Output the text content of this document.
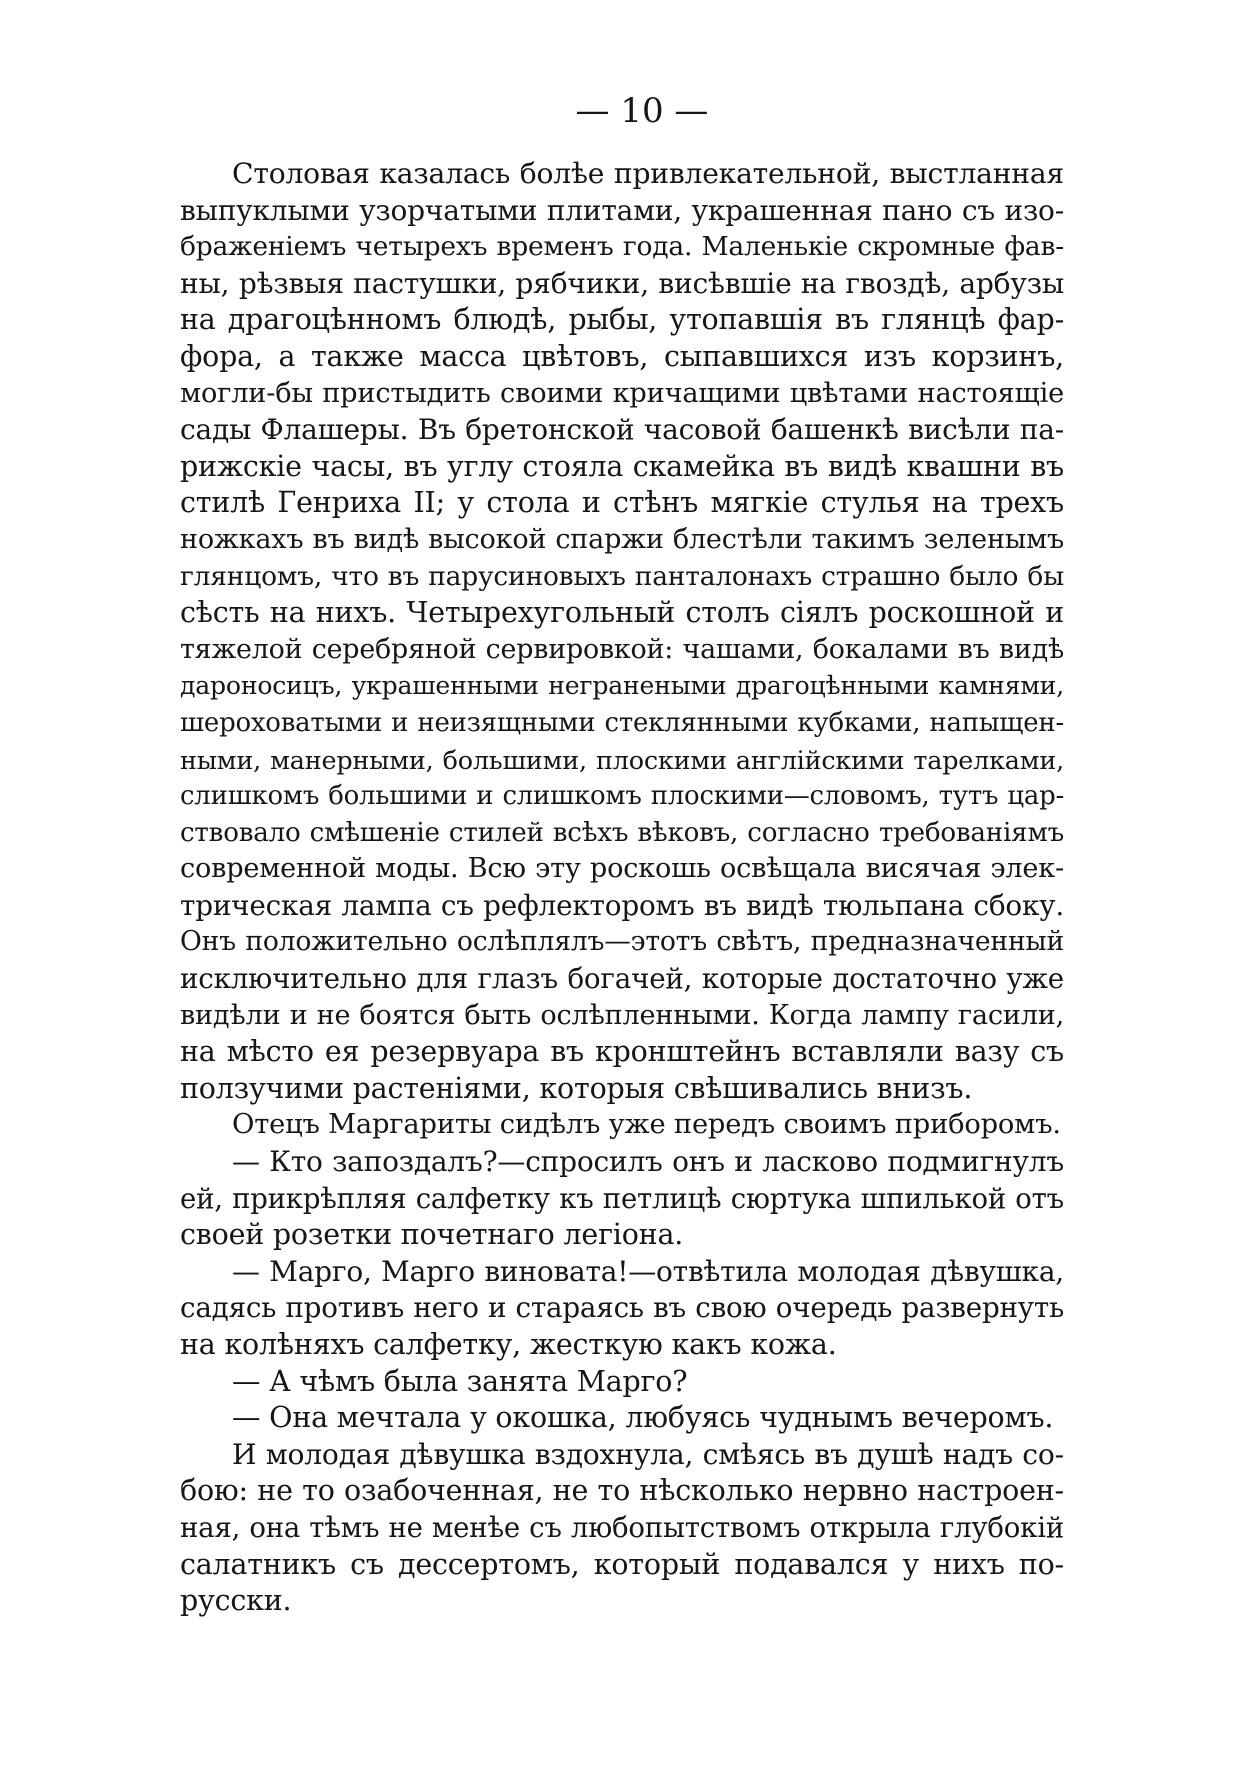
— 10 —
Столовая казалась болѣе привлекательной, выстланная
выпуклыми узорчатыми плитами, украшенная пано съ изо-
браженіемъ четырехъ временъ года. Маленькіе скромные фав-
ны, рѣзвыя пастушки, рябчики, висѣвшіе на гвоздѣ, арбузы
на драгоцѣнномъ блюдѣ, рыбы, утопавшія въ глянцѣ фар-
фора, а также масса цвѣтовъ, сыпавшихся изъ корзинъ,
могли-бы пристыдить своими кричащими цвѣтами настоящіе
сады Флашеры. Въ бретонской часовой башенкѣ висѣли па-
рижскіе часы, въ углу стояла скамейка въ видѣ квашни въ
стилѣ Генриха II; у стола и стѣнъ мягкіе стулья на трехъ
ножкахъ въ видѣ высокой спаржи блестѣли такимъ зеленымъ
глянцомъ, что въ парусиновыхъ панталонахъ страшно было бы
сѣсть на нихъ. Четырехугольный столъ сіялъ роскошной и
тяжелой серебряной сервировкой: чашами, бокалами въ видѣ
дароносицъ, украшенными негранеными драгоцѣнными камнями,
шероховатыми и неизящными стеклянными кубками, напыщен-
ными, манерными, большими, плоскими англійскими тарелками,
слишкомъ большими и слишкомъ плоскими—словомъ, тутъ цар-
ствовало смѣшеніе стилей всѣхъ вѣковъ, согласно требованіямъ
современной моды. Всю эту роскошь освѣщала висячая элек-
трическая лампа съ рефлекторомъ въ видѣ тюльпана сбоку.
Онъ положительно ослѣплялъ—этотъ свѣтъ, предназначенный
исключительно для глазъ богачей, которые достаточно уже
видѣли и не боятся быть ослѣпленными. Когда лампу гасили,
на мѣсто ея резервуара въ кронштейнъ вставляли вазу съ
ползучими растеніями, которыя свѣшивались внизъ.
Отецъ Маргариты сидѣлъ уже передъ своимъ приборомъ.
— Кто запоздалъ?—спросилъ онъ и ласково подмигнулъ
ей, прикрѣпляя салфетку къ петлицѣ сюртука шпилькой отъ
своей розетки почетнаго легіона.
— Марго, Марго виновата!—отвѣтила молодая дѣвушка,
садясь противъ него и стараясь въ свою очередь развернуть
на колѣняхъ салфетку, жесткую какъ кожа.
— А чѣмъ была занята Марго?
— Она мечтала у окошка, любуясь чуднымъ вечеромъ.
И молодая дѣвушка вздохнула, смѣясь въ душѣ надъ со-
бою: не то озабоченная, не то нѣсколько нервно настроен-
ная, она тѣмъ не менѣе съ любопытствомъ открыла глубокій
салатникъ съ дессертомъ, который подавался у нихъ по-
русски.
